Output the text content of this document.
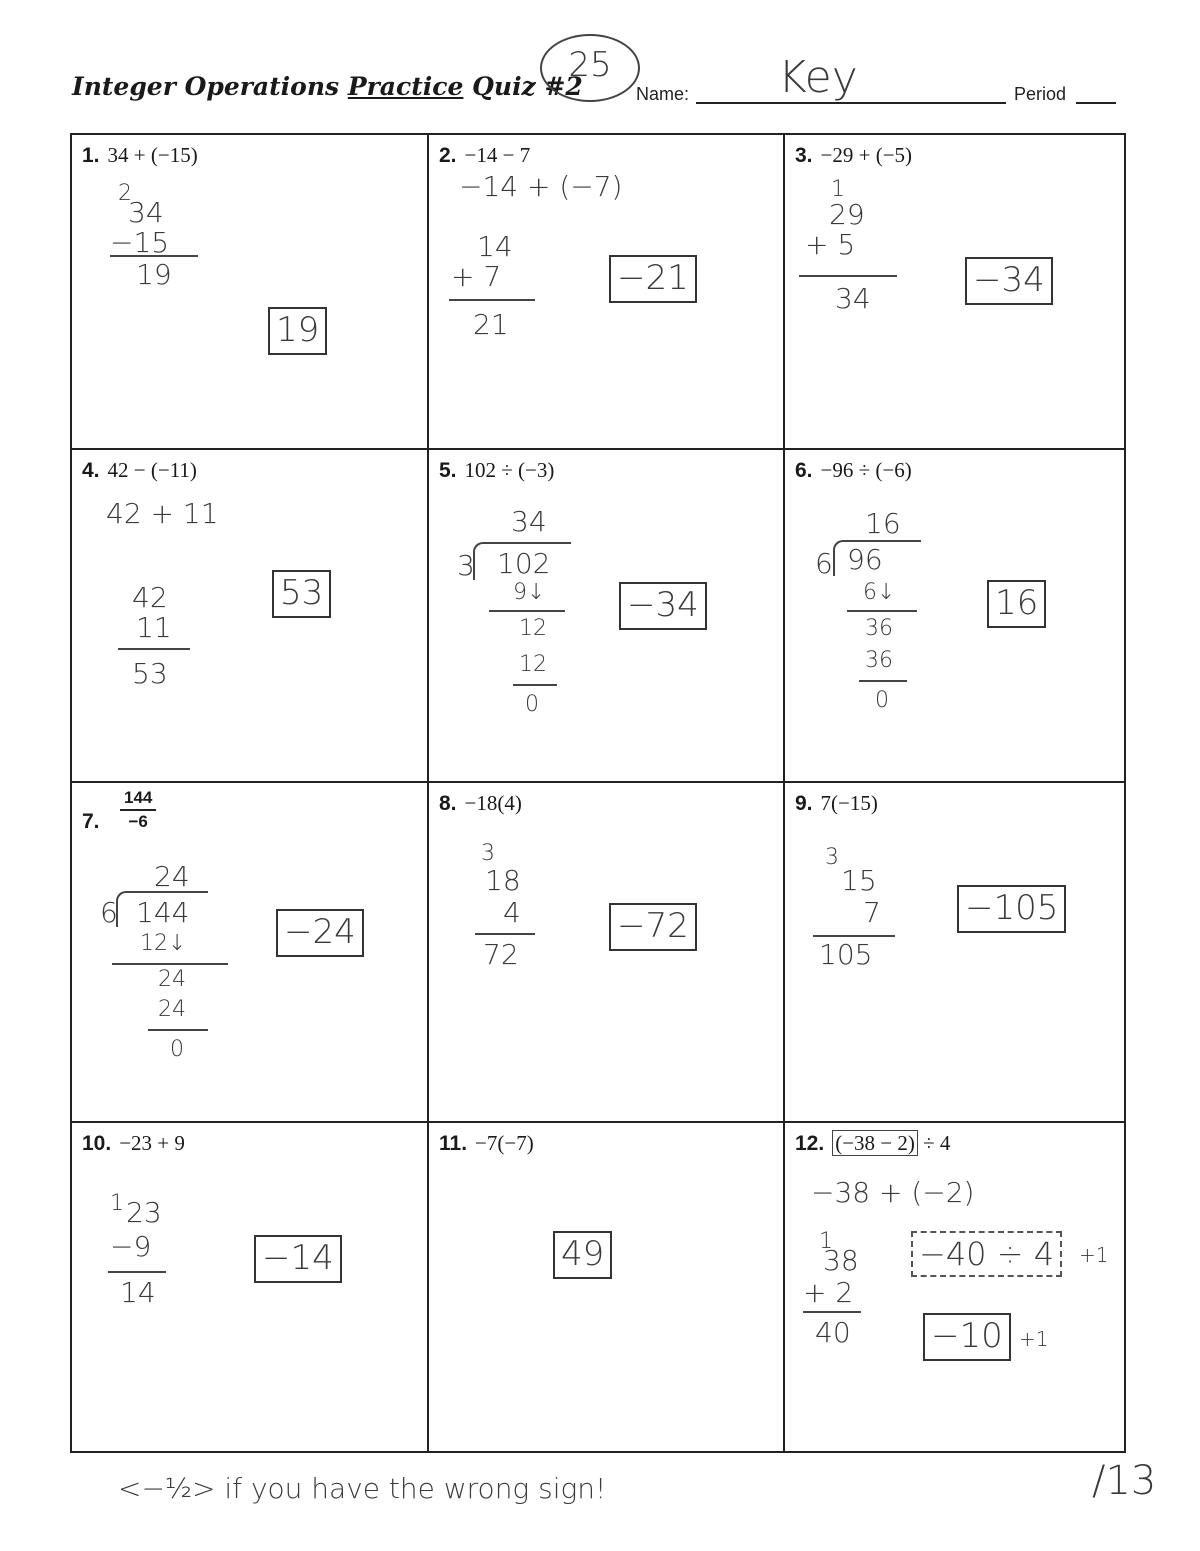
Integer Operations Practice Quiz #2
25
Name: Key	Period
1. 34 + (−15)
2
34
−15
19
19
2. −14 − 7
−14 + (−7)
14
+ 7
21
−21
3. −29 + (−5)
1
29
+ 5
34	−34
4. 42 − (−11)
42 + 11
42
11
53
53
5. 102 ÷ (−3)
34
3 102
9↓
12
12
0
−34
6. −96 ÷ (−6)
16
6 96
6↓
36
36
0
16
7.	$\frac{144}{-6}$
24
6 144
12↓
24
24
0
−24
8. −18(4)
3
18
4
72
−72
9. 7(−15)
3
15
7
105
−105
10. −23 + 9
1 23
−9
14
−14
11. −7(−7)
49
12. (−38 − 2) ÷ 4
−38 + (−2)
1
38
+ 2
40
−40 ÷ 4	+1
−10 +1
<−½> if you have the wrong sign!	/13
